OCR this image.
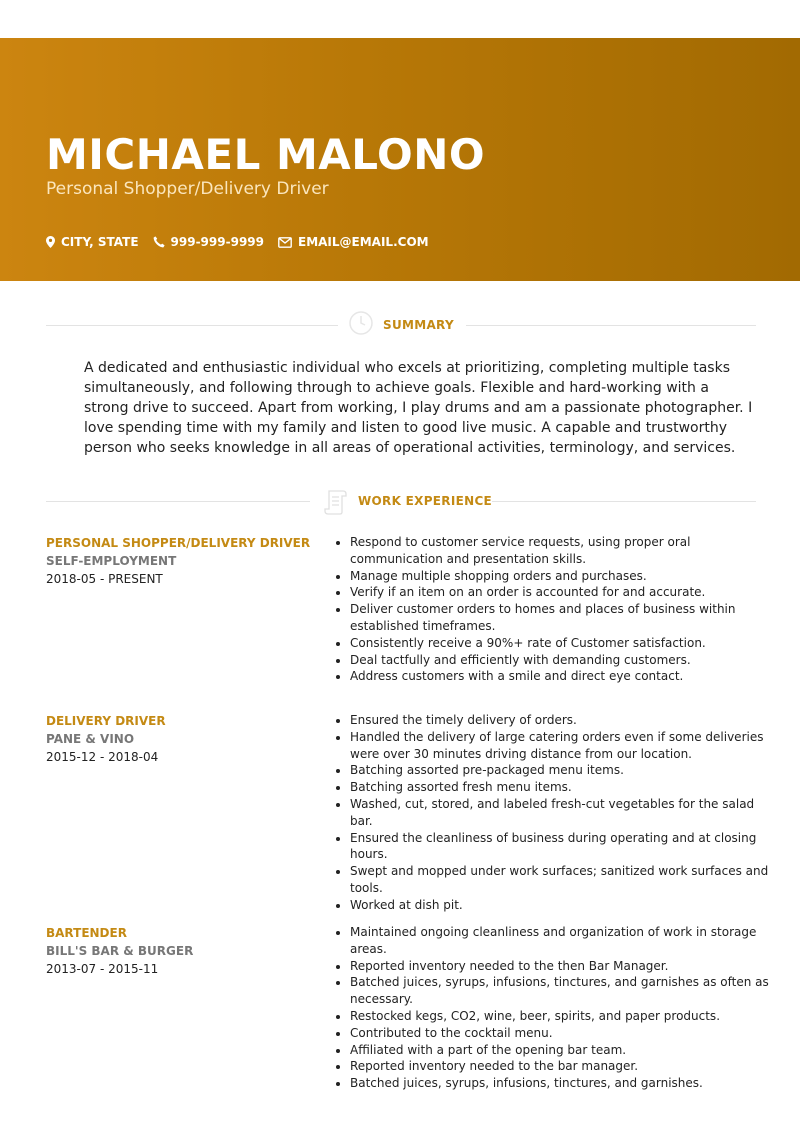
MICHAEL MALONO
Personal Shopper/Delivery Driver
CITY, STATE	999-999-9999	EMAIL@EMAIL.COM
SUMMARY

A dedicated and enthusiastic individual who excels at prioritizing, completing multiple tasks simultaneously, and following through to achieve goals. Flexible and hard-working with a strong drive to succeed. Apart from working, I play drums and am a passionate photographer. I love spending time with my family and listen to good live music. A capable and trustworthy person who seeks knowledge in all areas of operational activities, terminology, and services.

WORK EXPERIENCE
PERSONAL SHOPPER/DELIVERY DRIVER
SELF-EMPLOYMENT
2018-05 - PRESENT
• Respond to customer service requests, using proper oral communication and presentation skills.
• Manage multiple shopping orders and purchases.
• Verify if an item on an order is accounted for and accurate.
• Deliver customer orders to homes and places of business within established timeframes.
• Consistently receive a 90%+ rate of Customer satisfaction.
• Deal tactfully and efficiently with demanding customers.
• Address customers with a smile and direct eye contact.
DELIVERY DRIVER
PANE & VINO
2015-12 - 2018-04
• Ensured the timely delivery of orders.
• Handled the delivery of large catering orders even if some deliveries were over 30 minutes driving distance from our location.
• Batching assorted pre-packaged menu items.
• Batching assorted fresh menu items.
• Washed, cut, stored, and labeled fresh-cut vegetables for the salad bar.
• Ensured the cleanliness of business during operating and at closing hours.
• Swept and mopped under work surfaces; sanitized work surfaces and tools.
• Worked at dish pit.
BARTENDER
BILL'S BAR & BURGER
2013-07 - 2015-11
• Maintained ongoing cleanliness and organization of work in storage areas.
• Reported inventory needed to the then Bar Manager.
• Batched juices, syrups, infusions, tinctures, and garnishes as often as necessary.
• Restocked kegs, CO2, wine, beer, spirits, and paper products.
• Contributed to the cocktail menu.
• Affiliated with a part of the opening bar team.
• Reported inventory needed to the bar manager.
• Batched juices, syrups, infusions, tinctures, and garnishes.
